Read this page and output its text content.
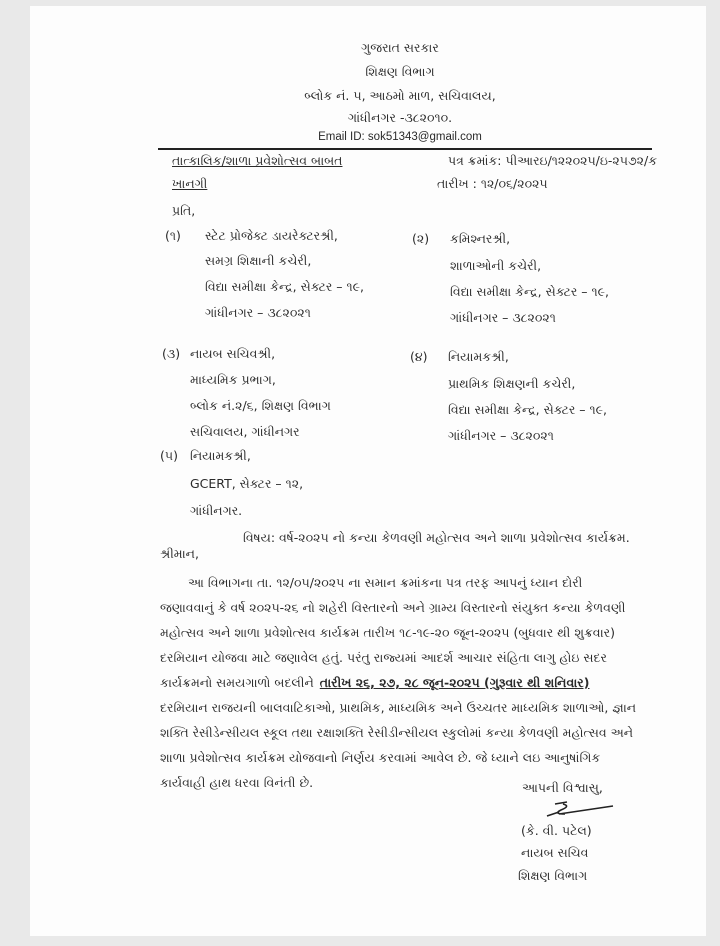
ગુજરાત સરકાર
શિક્ષણ વિભાગ
બ્લોક નં. ૫, આઠમો માળ, સચિવાલય,
ગાંધીનગર -૩૮૨૦૧૦.
Email ID: sok51343@gmail.com
તાત્કાલિક/શાળા પ્રવેશોત્સવ બાબત
ખાનગી
પત્ર ક્રમાંક: પીઆરઇ/૧૨૨૦૨૫/ઇ-૨૫૭૨/ક
તારીખ : ૧૨/૦૬/૨૦૨૫
પ્રતિ,
(૧) સ્ટેટ પ્રોજેક્ટ ડાયરેક્ટરશ્રી,
સમગ્ર શિક્ષાની કચેરી,
વિદ્યા સમીક્ષા કેન્દ્ર, સેક્ટર – ૧૯,
ગાંધીનગર – ૩૮૨૦૨૧
(૨) કમિશ્નરશ્રી,
શાળાઓની કચેરી,
વિદ્યા સમીક્ષા કેન્દ્ર, સેક્ટર – ૧૯,
ગાંધીનગર – ૩૮૨૦૨૧
(૩) નાયબ સચિવશ્રી,
માધ્યમિક પ્રભાગ,
બ્લોક નં.૨/૬, શિક્ષણ વિભાગ
સચિવાલય, ગાંધીનગર
(૪) નિયામકશ્રી,
પ્રાથમિક શિક્ષણની કચેરી,
વિદ્યા સમીક્ષા કેન્દ્ર, સેક્ટર – ૧૯,
ગાંધીનગર – ૩૮૨૦૨૧
(૫) નિયામકશ્રી,
GCERT, સેક્ટર – ૧૨,
ગાંધીનગર.
વિષય: વર્ષ-૨૦૨૫ નો કન્યા કેળવણી મહોત્સવ અને શાળા પ્રવેશોત્સવ કાર્યક્રમ.
શ્રીમાન,
આ વિભાગના તા. ૧૨/૦૫/૨૦૨૫ ના સમાન ક્રમાંકના પત્ર તરફ આપનું ધ્યાન દોરી
જણાવવાનું કે વર્ષ ૨૦૨૫-૨૬ નો શહેરી વિસ્તારનો અને ગ્રામ્ય વિસ્તારનો સંયુક્ત કન્યા કેળવણી
મહોત્સવ અને શાળા પ્રવેશોત્સવ કાર્યક્રમ તારીખ ૧૮-૧૯-૨૦ જૂન-૨૦૨૫ (બુધવાર થી શુક્રવાર)
દરમિયાન યોજવા માટે જણાવેલ હતું. પરંતુ રાજ્યમાં આદર્શ આચાર સંહિતા લાગુ હોઇ સદર
કાર્યક્રમનો સમયગાળો બદલીને તારીખ ૨૬, ૨૭, ૨૮ જૂન-૨૦૨૫ (ગુરૂવાર થી શનિવાર)
દરમિયાન રાજયની બાલવાટિકાઓ, પ્રાથમિક, માધ્યમિક અને ઉચ્ચતર માધ્યમિક શાળાઓ, જ્ઞાન
શક્તિ રેસીડેન્સીયલ સ્કૂલ તથા રક્ષાશક્તિ રેસીડીન્સીયલ સ્કુલોમાં કન્યા કેળવણી મહોત્સવ અને
શાળા પ્રવેશોત્સવ કાર્યક્રમ યોજવાનો નિર્ણય કરવામાં આવેલ છે. જે ધ્યાને લઇ આનુષાંગિક
કાર્યવાહી હાથ ધરવા વિનંતી છે.	આપની વિશ્વાસુ,
(કે. વી. પટેલ)
નાયબ સચિવ
શિક્ષણ વિભાગ
